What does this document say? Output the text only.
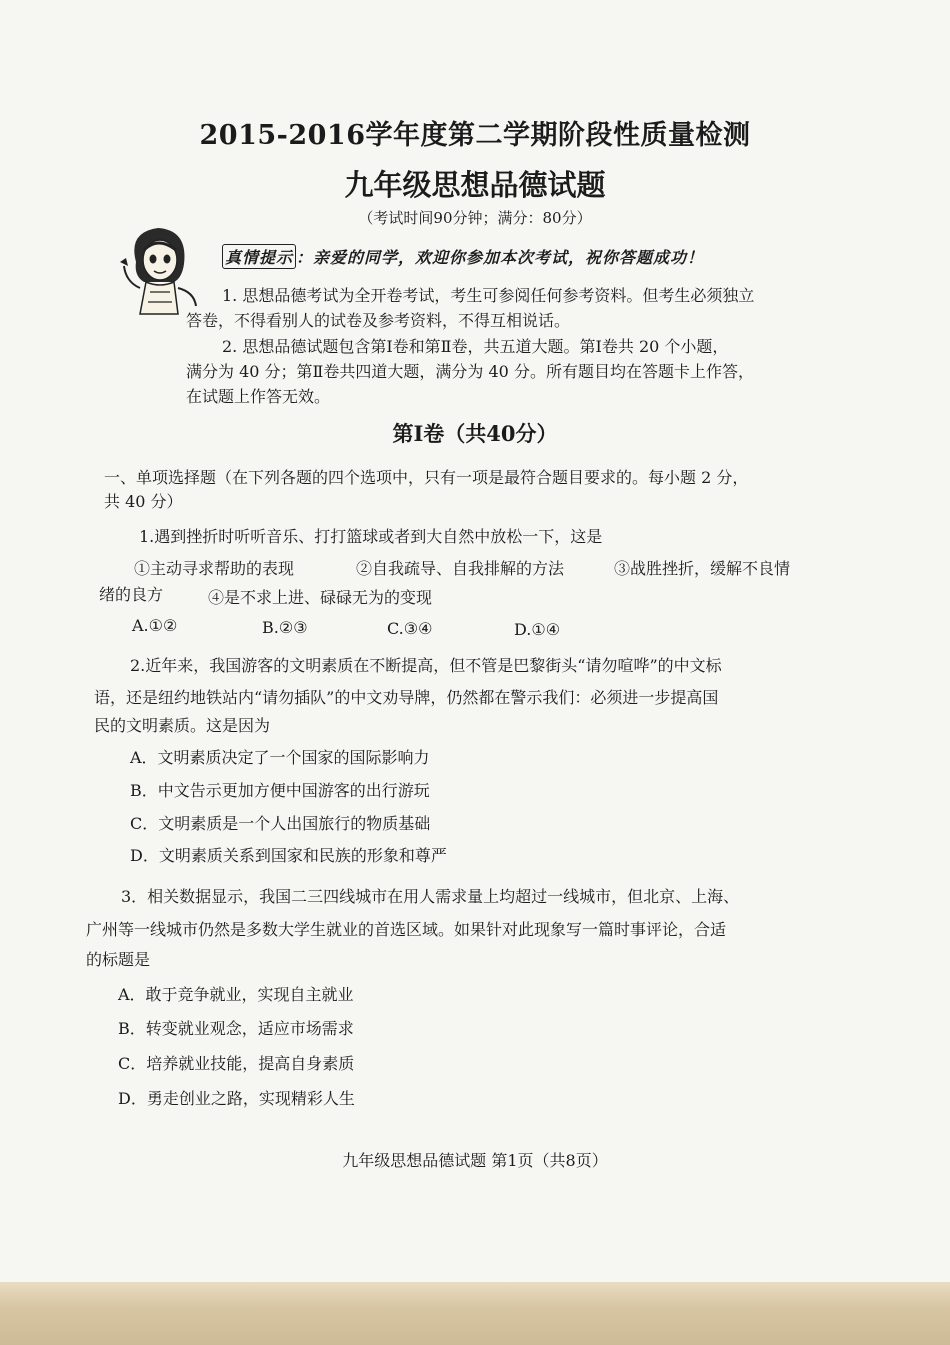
2015-2016学年度第二学期阶段性质量检测
九年级思想品德试题
（考试时间90分钟；满分：80分）
真情提示 ：亲爱的同学，欢迎你参加本次考试，祝你答题成功！
1. 思想品德考试为全开卷考试，考生可参阅任何参考资料。但考生必须独立
答卷，不得看别人的试卷及参考资料，不得互相说话。
2. 思想品德试题包含第Ⅰ卷和第Ⅱ卷，共五道大题。第Ⅰ卷共 20 个小题，
满分为 40 分；第Ⅱ卷共四道大题，满分为 40 分。所有题目均在答题卡上作答，
在试题上作答无效。
第Ⅰ卷（共40分）
一、单项选择题（在下列各题的四个选项中，只有一项是最符合题目要求的。每小题 2 分，
共 40 分）
1.遇到挫折时听听音乐、打打篮球或者到大自然中放松一下，这是
①主动寻求帮助的表现	②自我疏导、自我排解的方法	③战胜挫折，缓解不良情
绪的良方	④是不求上进、碌碌无为的变现
A.①②	B.②③	C.③④	D.①④
2.近年来，我国游客的文明素质在不断提高，但不管是巴黎街头“请勿喧哗”的中文标
语，还是纽约地铁站内“请勿插队”的中文劝导牌，仍然都在警示我们：必须进一步提高国
民的文明素质。这是因为
A．文明素质决定了一个国家的国际影响力
B．中文告示更加方便中国游客的出行游玩
C．文明素质是一个人出国旅行的物质基础
D．文明素质关系到国家和民族的形象和尊严
3．相关数据显示，我国二三四线城市在用人需求量上均超过一线城市，但北京、上海、
广州等一线城市仍然是多数大学生就业的首选区域。如果针对此现象写一篇时事评论，合适
的标题是
A．敢于竞争就业，实现自主就业
B．转变就业观念，适应市场需求
C．培养就业技能，提高自身素质
D．勇走创业之路，实现精彩人生
九年级思想品德试题 第1页（共8页）
